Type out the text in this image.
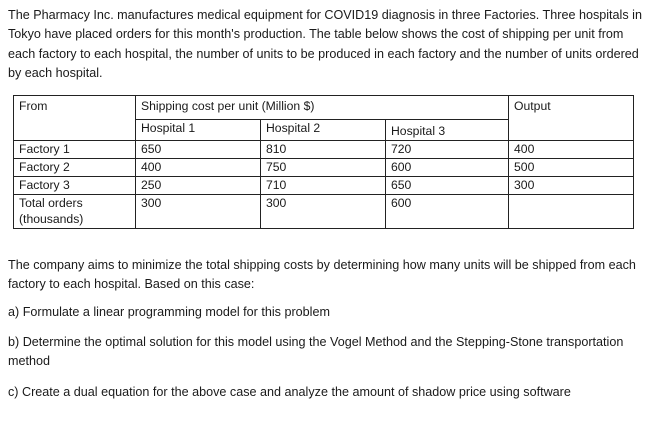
The Pharmacy Inc. manufactures medical equipment for COVID19 diagnosis in three Factories. Three hospitals in Tokyo have placed orders for this month's production. The table below shows the cost of shipping per unit from each factory to each hospital, the number of units to be produced in each factory and the number of units ordered by each hospital.

From	Shipping cost per unit (Million $)			Output
	Hospital 1	Hospital 2	Hospital 3	
Factory 1	650	810	720	400
Factory 2	400	750	600	500
Factory 3	250	710	650	300
Total orders (thousands)	300	300	600	

The company aims to minimize the total shipping costs by determining how many units will be shipped from each factory to each hospital. Based on this case:

a) Formulate a linear programming model for this problem

b) Determine the optimal solution for this model using the Vogel Method and the Stepping-Stone transportation method

c) Create a dual equation for the above case and analyze the amount of shadow price using software
